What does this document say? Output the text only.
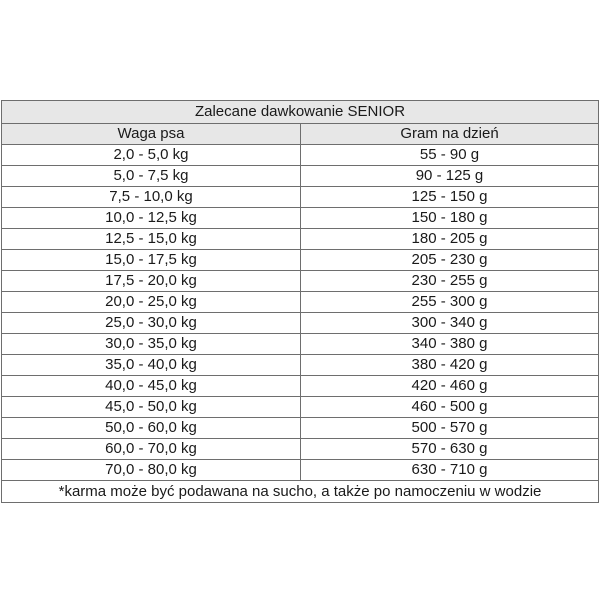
Zalecane dawkowanie SENIOR	
Waga psa	Gram na dzień
2,0 - 5,0 kg	55 - 90 g
5,0 - 7,5 kg	90 - 125 g
7,5 - 10,0 kg	125 - 150 g
10,0 - 12,5 kg	150 - 180 g
12,5 - 15,0 kg	180 - 205 g
15,0 - 17,5 kg	205 - 230 g
17,5 - 20,0 kg	230 - 255 g
20,0 - 25,0 kg	255 - 300 g
25,0 - 30,0 kg	300 - 340 g
30,0 - 35,0 kg	340 - 380 g
35,0 - 40,0 kg	380 - 420 g
40,0 - 45,0 kg	420 - 460 g
45,0 - 50,0 kg	460 - 500 g
50,0 - 60,0 kg	500 - 570 g
60,0 - 70,0 kg	570 - 630 g
70,0 - 80,0 kg	630 - 710 g
*karma może być podawana na sucho, a także po namoczeniu w wodzie	
